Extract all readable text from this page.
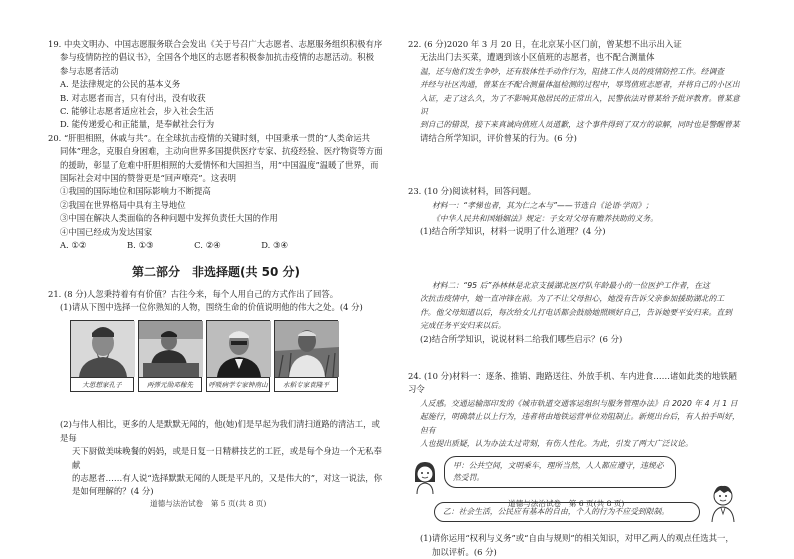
19. 中央文明办、中国志愿服务联合会发出《关于号召广大志愿者、志愿服务组织积极有序
参与疫情防控的倡议书》，全国各个地区的志愿者积极参加抗击疫情的志愿活动。积极
参与志愿者活动
A. 是法律规定的公民的基本义务
B. 对志愿者而言，只有付出，没有收获
C. 能够让志愿者适应社会，步入社会生活
D. 能传递爱心和正能量，是奉献社会行为
20. “肝胆相照，休戚与共”。在全球抗击疫情的关键时刻，中国秉承一贯的“人类命运共
同体”理念，克服自身困难，主动向世界多国提供医疗专家、抗疫经验、医疗物资等方面
的援助，彰显了危难中肝胆相照的大爱情怀和大国担当，用“中国温度”温暖了世界，而
国际社会对中国的赞誉更是“回声嘹亮”。这表明
①我国的国际地位和国际影响力不断提高
②我国在世界格局中具有主导地位
③中国在解决人类面临的各种问题中发挥负责任大国的作用
④中国已经成为发达国家
A. ①②	B. ①③	C. ②④	D. ③④
第二部分　非选择题(共 50 分)
21. (8 分)人忽秉持着有有价值？古往今来，每个人用自己的方式作出了回答。
(1)请从下图中选择一位你熟知的人物，围绕生命的价值说明他的伟大之处。(4 分)
大思想家孔子	两弹元勋邓稼先	呼吸病学专家钟南山	水稻专家袁隆平
(2)与伟人相比，更多的人是默默无闻的，他(她)们是早起为我们清扫道路的清洁工，或是每
天下厨做美味晚餐的妈妈，或是日复一日精耕技艺的工匠，或是每个身边一个无私奉献
的志愿者……有人说“选择默默无闻的人既是平凡的，又是伟大的”，对这一说法，你
是如何理解的？(4 分)
道德与法治试卷　第 5 页(共 8 页)
22. (6 分)2020 年 3 月 20 日，在北京某小区门前，曾某想不出示出入证
无法出门去买菜，遭遇到该小区值班的志愿者，也不配合测量体
温，还与他们发生争吵，还有肢体性手动作行为，阻挠工作人员的疫情防控工作。经调查
并经与社区沟通，曾某在不配合测量体温检测的过程中，辱骂值班志愿者，并将自己的小区出
入证，走了这么久，为了不影响其他居民的正常出入，民警依法对曾某给予批评教育。曾某意识
到自己的错误，接下来真诚向值班人员道歉，这个事件得到了双方的谅解，同时也是警醒曾某
请结合所学知识，评价曾某的行为。(6 分)
23. (10 分)阅读材料，回答问题。
材料一：“孝悌也者，其为仁之本与”——节选自《论语·学而》；
《中华人民共和国婚姻法》规定：子女对父母有赡养扶助的义务。
(1)结合所学知识，材料一说明了什么道理？(4 分)
材料二：“95 后”孙林林是北京支援湖北医疗队年龄最小的一位医护工作者，在这
次抗击疫情中，她一直冲锋在前。为了不让父母担心，她没有告诉父亲参加援助湖北的工
作。他父母知道以后，每次给女儿打电话都会鼓励她照顾好自己，告诉她要平安归来。直到
完成任务平安归来以后。
(2)结合所学知识，说说材料二给我们哪些启示？(6 分)
24. (10 分)材料一：逐条、推销、跑路送往、外放手机、车内进食……诸如此类的地铁陋习令
人反感。交通运输部印发的《城市轨道交通客运组织与服务管理办法》自 2020 年 4 月 1 日
起施行，明确禁止以上行为，违者将由地铁运营单位劝阻制止。新规出台后，有人拍手叫好，但有
人也提出质疑，认为办法太过苛刻，有伤人性化。为此，引发了两大广泛议论。
甲：公共空间，文明乘车，理所当然，人人都应遵守，违规必然受罚。
乙：社会生活，公民应有基本的自由，个人的行为不应受到限制。
(1)请你运用“权利与义务”或“自由与规则”的相关知识，对甲乙两人的观点任选其一，
加以评析。(6 分)
道德与法治试卷　第 6 页(共 8 页)
